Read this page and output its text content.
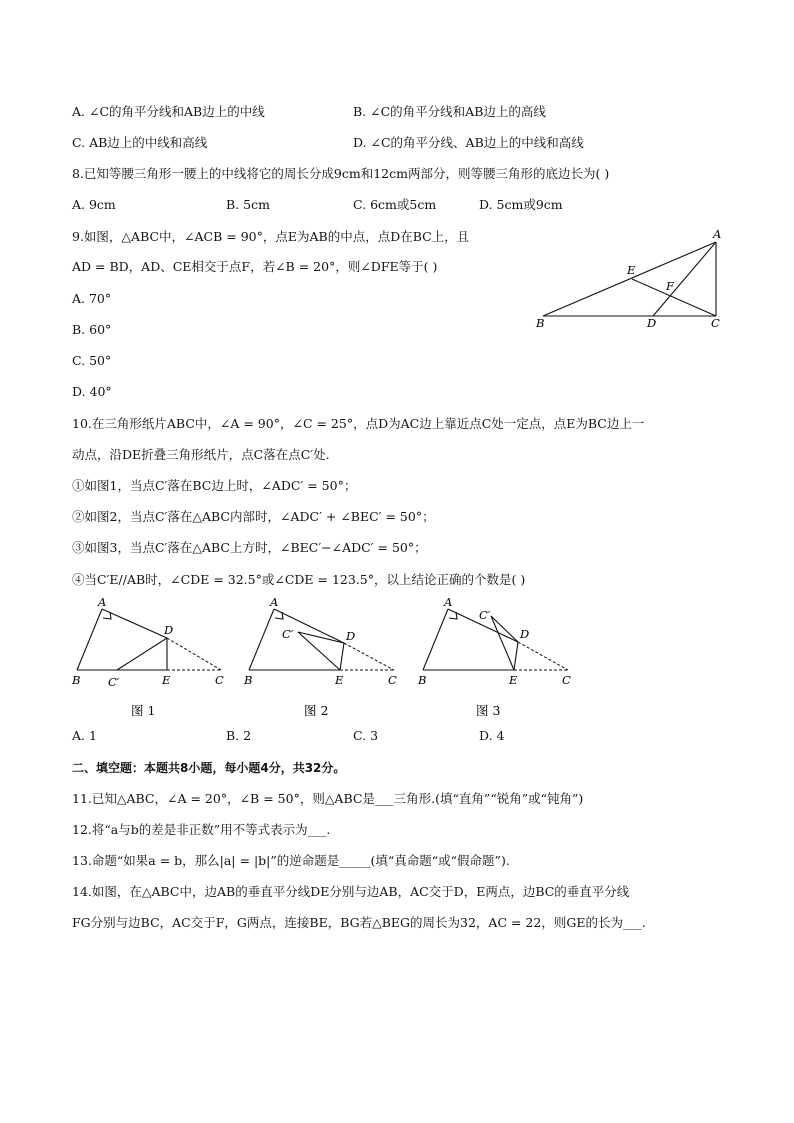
A. ∠C的角平分线和AB边上的中线	B. ∠C的角平分线和AB边上的高线
C. AB边上的中线和高线	D. ∠C的角平分线、AB边上的中线和高线
8.已知等腰三角形一腰上的中线将它的周长分成9cm和12cm两部分，则等腰三角形的底边长为( )
A. 9cm	B. 5cm	C. 6cm或5cm	D. 5cm或9cm
9.如图，△ABC中，∠ACB = 90°，点E为AB的中点，点D在BC上，且
AD = BD，AD、CE相交于点F，若∠B = 20°，则∠DFE等于( )
A. 70°
B. 60°
C. 50°
D. 40°
A
B	C
D
E
F
10.在三角形纸片ABC中，∠A = 90°，∠C = 25°，点D为AC边上靠近点C处一定点，点E为BC边上一
动点，沿DE折叠三角形纸片，点C落在点C′处.
①如图1，当点C′落在BC边上时，∠ADC′ = 50°；
②如图2，当点C′落在△ABC内部时，∠ADC′ + ∠BEC′ = 50°；
③如图3，当点C′落在△ABC上方时，∠BEC′−∠ADC′ = 50°；
④当C′E//AB时，∠CDE = 32.5°或∠CDE = 123.5°，以上结论正确的个数是( )
A
B C′	E	C
D
图 1
A
B
C′
E	C
D
图 2
A
B
C′
E	C
D
图 3
A. 1	B. 2	C. 3	D. 4
二、填空题：本题共8小题，每小题4分，共32分。
11.已知△ABC，∠A = 20°，∠B = 50°，则△ABC是___三角形.(填“直角”“锐角”或“钝角”)
12.将“a与b的差是非正数”用不等式表示为___.
13.命题“如果a = b，那么|a| = |b|”的逆命题是_____(填“真命题“或“假命题”).
14.如图，在△ABC中，边AB的垂直平分线DE分别与边AB，AC交于D，E两点，边BC的垂直平分线
FG分别与边BC，AC交于F，G两点，连接BE，BG若△BEG的周长为32，AC = 22，则GE的长为___.
